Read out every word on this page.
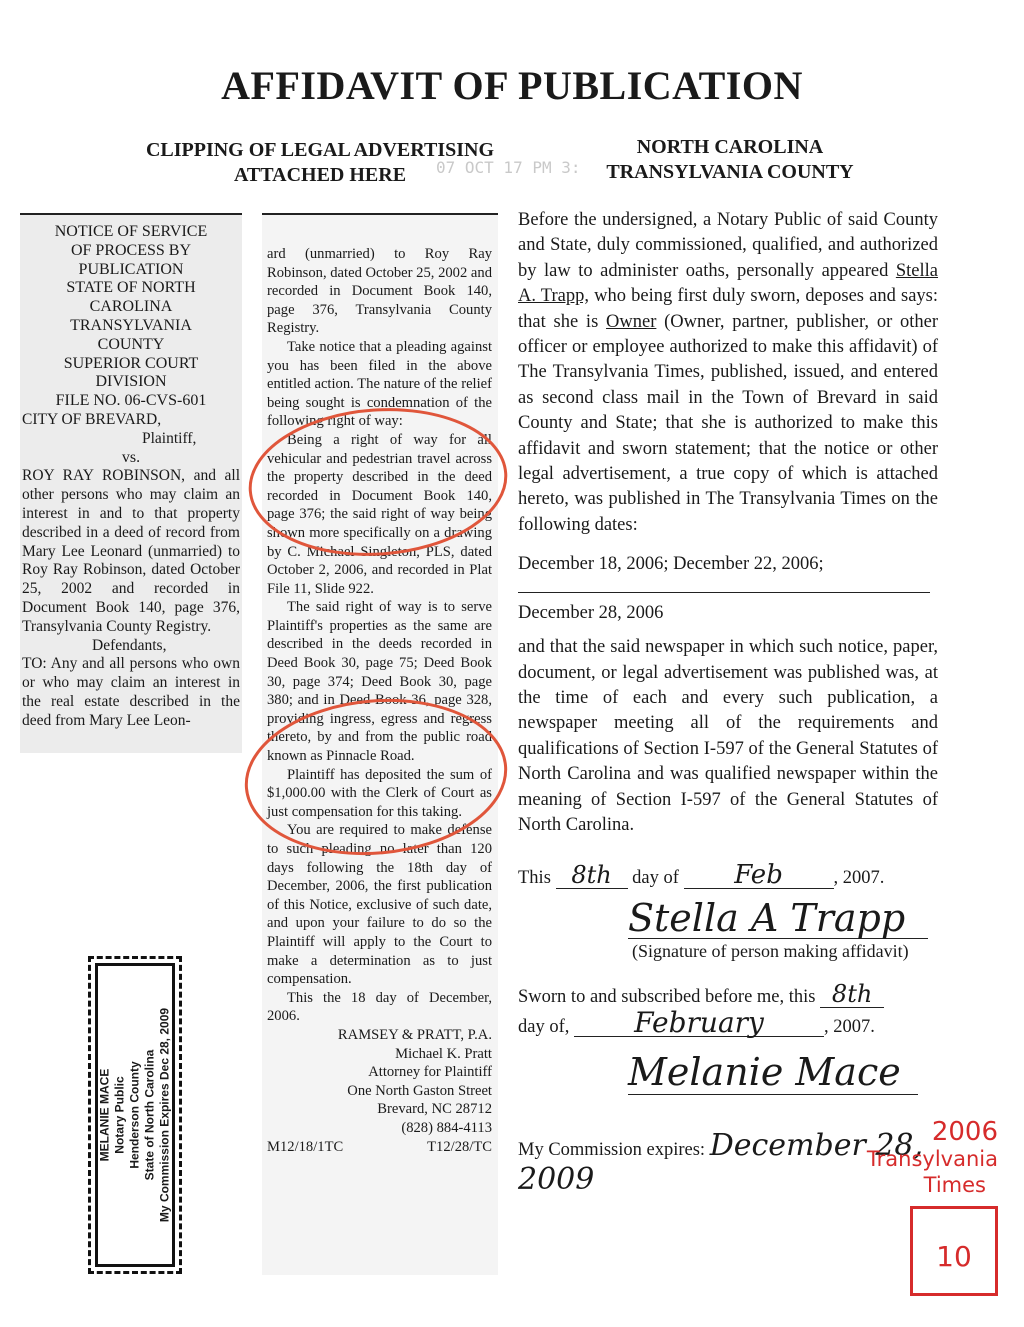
AFFIDAVIT OF PUBLICATION
CLIPPING OF LEGAL ADVERTISING
ATTACHED HERE	07 OCT 17 PM 3:
NORTH CAROLINA
TRANSYLVANIA COUNTY
NOTICE OF SERVICE
OF PROCESS BY
PUBLICATION
STATE OF NORTH
CAROLINA
TRANSYLVANIA
COUNTY
SUPERIOR COURT
DIVISION
FILE NO. 06-CVS-601
CITY OF BREVARD,
Plaintiff,
vs.
ROY RAY ROBINSON, and all other persons who may claim an interest in and to that property described in a deed of record from Mary Lee Leonard (unmarried) to Roy Ray Robinson, dated October 25, 2002 and recorded in Document Book 140, page 376, Transylvania County Registry.
Defendants,
TO: Any and all persons who own or who may claim an interest in the real estate described in the deed from Mary Lee Leon-

ard (unmarried) to Roy Ray Robinson, dated October 25, 2002 and recorded in Document Book 140, page 376, Transylvania County Registry.

Take notice that a pleading against you has been filed in the above entitled action. The nature of the relief being sought is condemnation of the following right of way:

Being a right of way for all vehicular and pedestrian travel across the property described in the deed recorded in Document Book 140, page 376; the said right of way being shown more specifically on a drawing by C. Michael Singleton, PLS, dated October 2, 2006, and recorded in Plat File 11, Slide 922.

The said right of way is to serve Plaintiff's properties as the same are described in the deeds recorded in Deed Book 30, page 75; Deed Book 30, page 374; Deed Book 30, page 380; and in Deed Book 36, page 328, providing ingress, egress and regress thereto, by and from the public road known as Pinnacle Road.

Plaintiff has deposited the sum of $1,000.00 with the Clerk of Court as just compensation for this taking.

You are required to make defense to such pleading no later than 120 days following the 18th day of December, 2006, the first publication of this Notice, exclusive of such date, and upon your failure to do so the Plaintiff will apply to the Court to make a determination as to just compensation.

This the 18 day of December, 2006.

RAMSEY & PRATT, P.A.

Michael K. Pratt

Attorney for Plaintiff

One North Gaston Street

Brevard, NC 28712

(828) 884-4113

M12/18/1TC	T12/28/TC

Before the undersigned, a Notary Public of said County and State, duly commissioned, qualified, and authorized by law to administer oaths, personally appeared Stella A. Trapp, who being first duly sworn, deposes and says: that she is Owner (Owner, partner, publisher, or other officer or employee authorized to make this affidavit) of The Transylvania Times, published, issued, and entered as second class mail in the Town of Brevard in said County and State; that she is authorized to make this affidavit and sworn statement; that the notice or other legal advertisement, a true copy of which is attached hereto, was published in The Transylvania Times on the following dates:

December 18, 2006; December 22, 2006;

December 28, 2006

and that the said newspaper in which such notice, paper, document, or legal advertisement was published was, at the time of each and every such publication, a newspaper meeting all of the requirements and qualifications of Section I-597 of the General Statutes of North Carolina and was qualified newspaper within the meaning of Section I-597 of the General Statutes of North Carolina.

This 8th day of Feb	, 2007.
Stella A Trapp
(Signature of person making affidavit)
Sworn to and subscribed before me, this 8th
day of, February	, 2007.
Melanie Mace
My Commission expires: December 28, 2009
MELANIE MACE Notary Public Henderson County State of North Carolina My Commission Expires Dec 28, 2009	2006
Transylvania
Times
10
